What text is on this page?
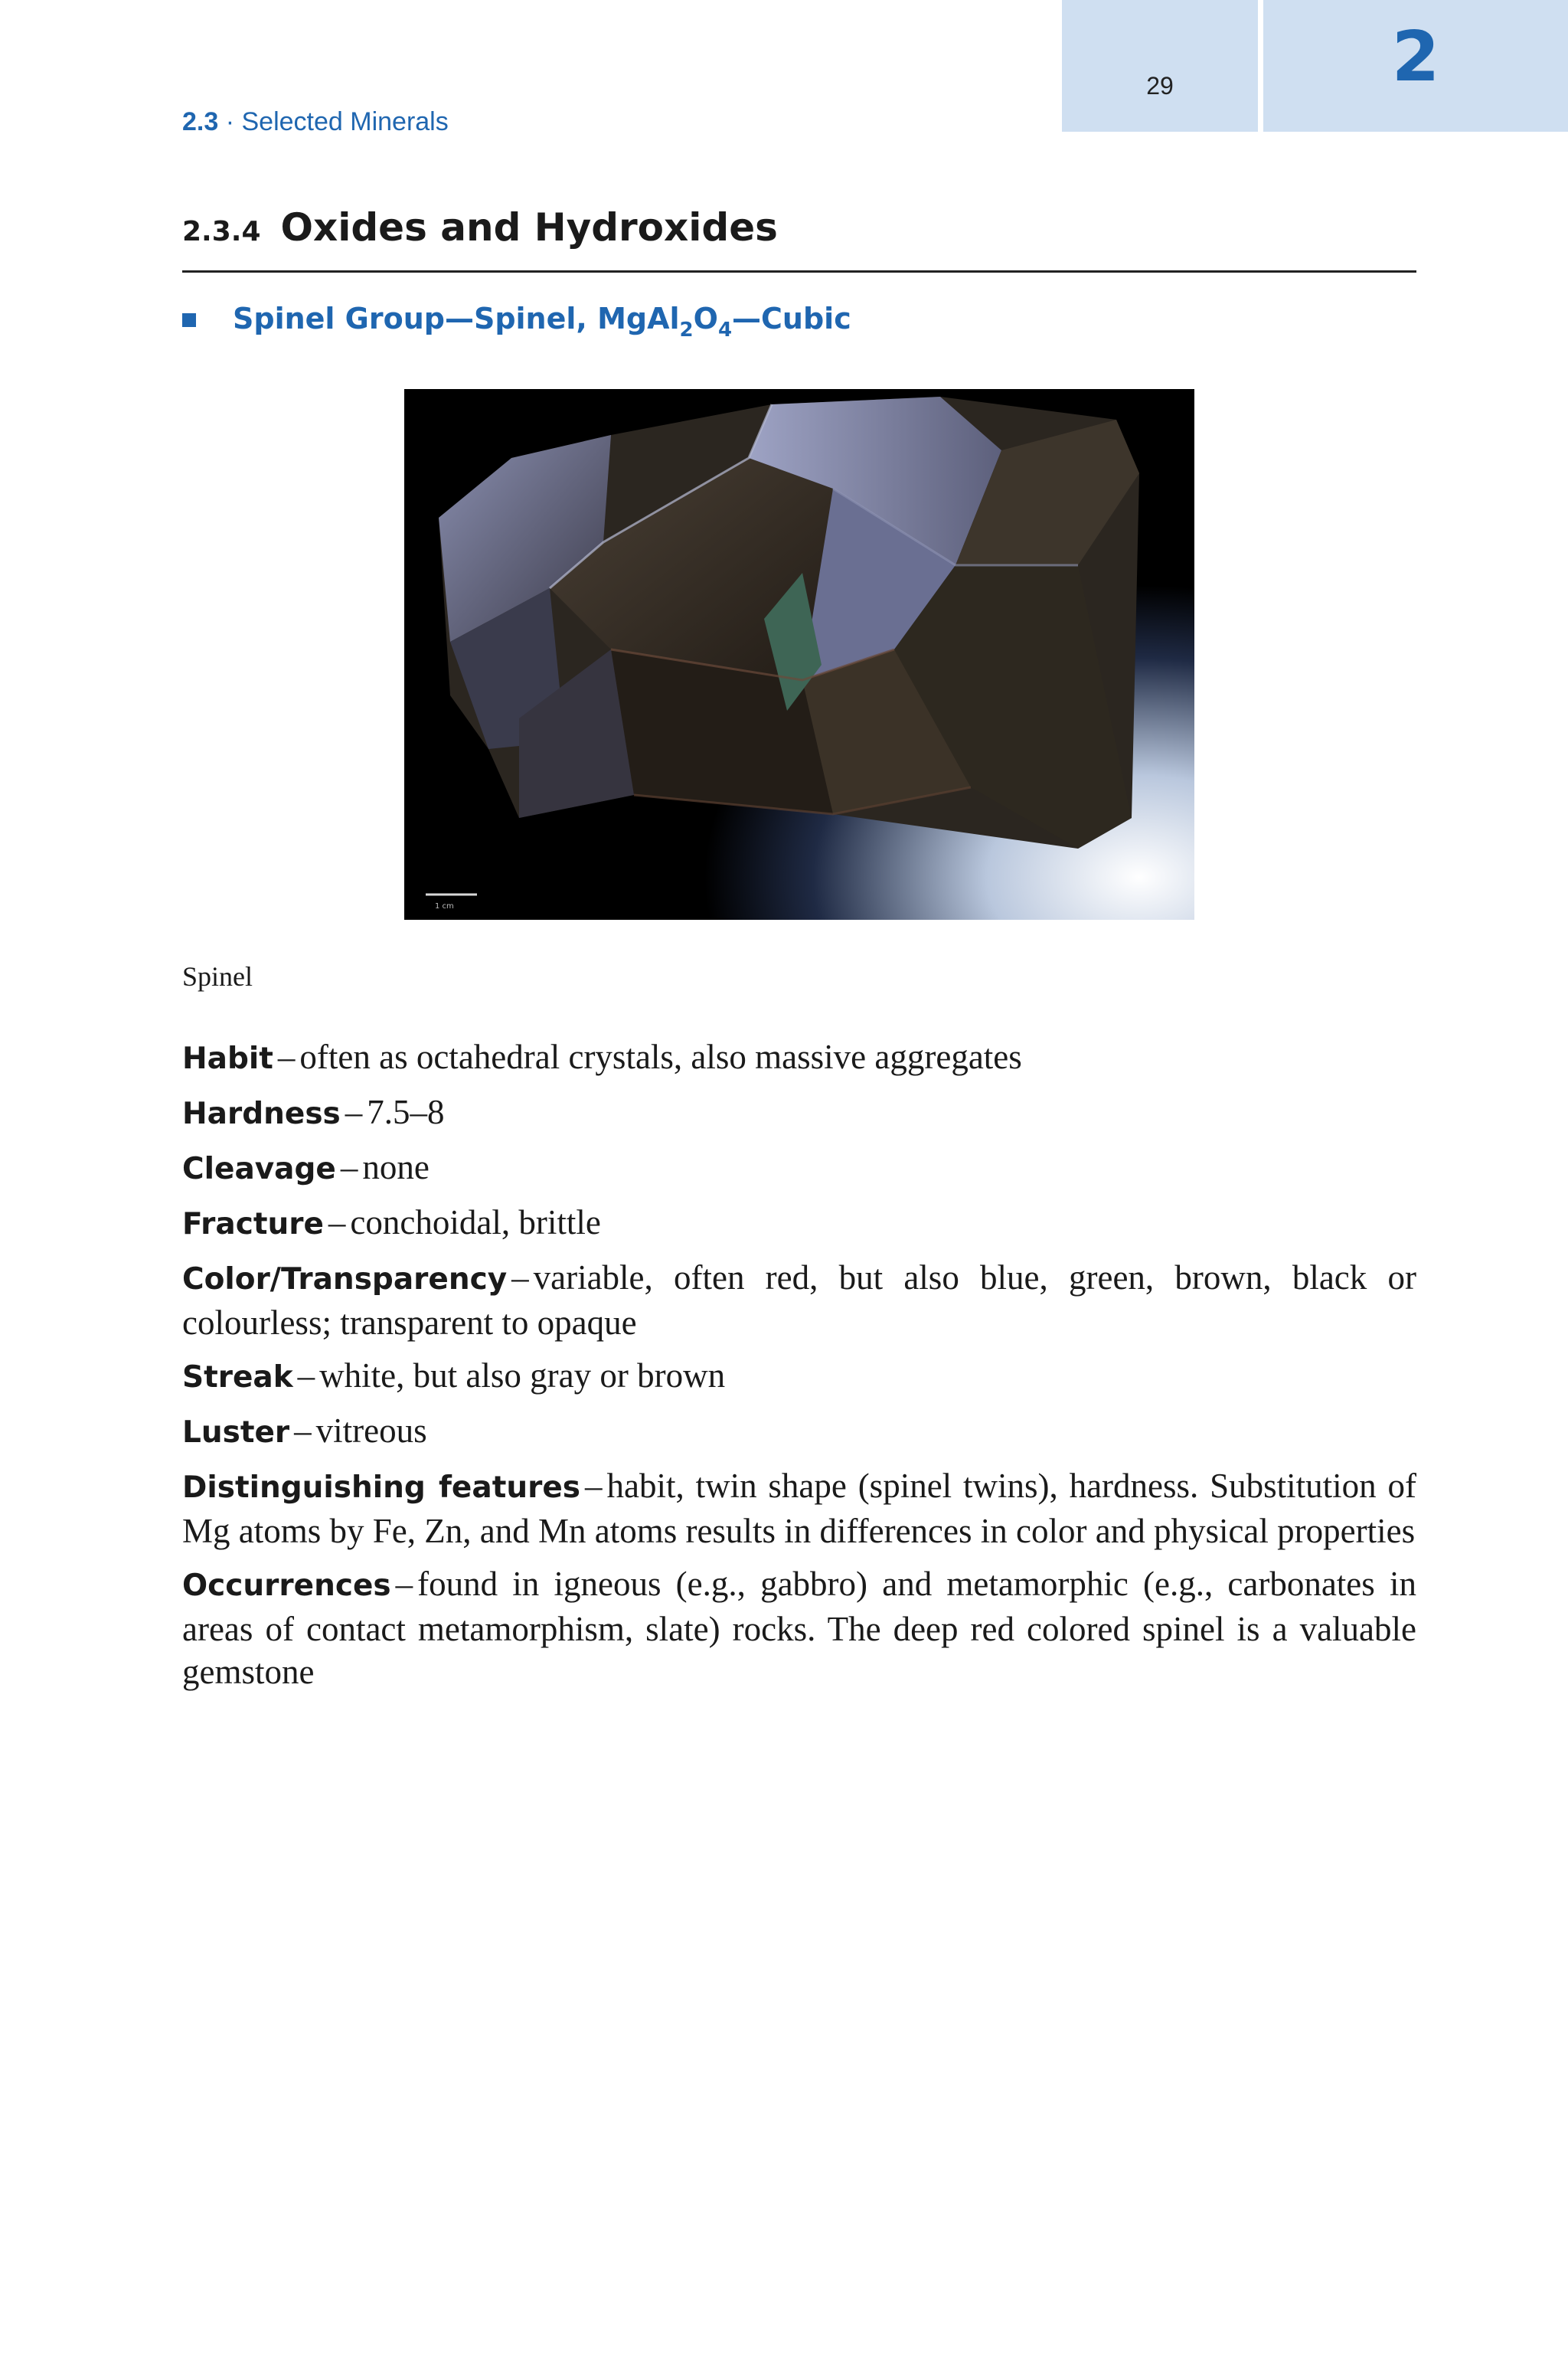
29	2
2.3 · Selected Minerals
2.3.4 Oxides and Hydroxides
Spinel Group—Spinel, $MgAl_2O_4—Cubic$
1 cm
Spinel

Habit – often as octahedral crystals, also massive aggregates

Hardness – 7.5–8

Cleavage – none

Fracture – conchoidal, brittle

Color/Transparency – variable, often red, but also blue, green, brown, black or colourless; transparent to opaque

Streak – white, but also gray or brown

Luster – vitreous

Distinguishing features – habit, twin shape (spinel twins), hardness. Substitution of Mg atoms by Fe, Zn, and Mn atoms results in differences in color and physical properties

Occurrences – found in igneous (e.g., gabbro) and metamorphic (e.g., carbonates in areas of contact metamorphism, slate) rocks. The deep red colored spinel is a valuable gemstone
